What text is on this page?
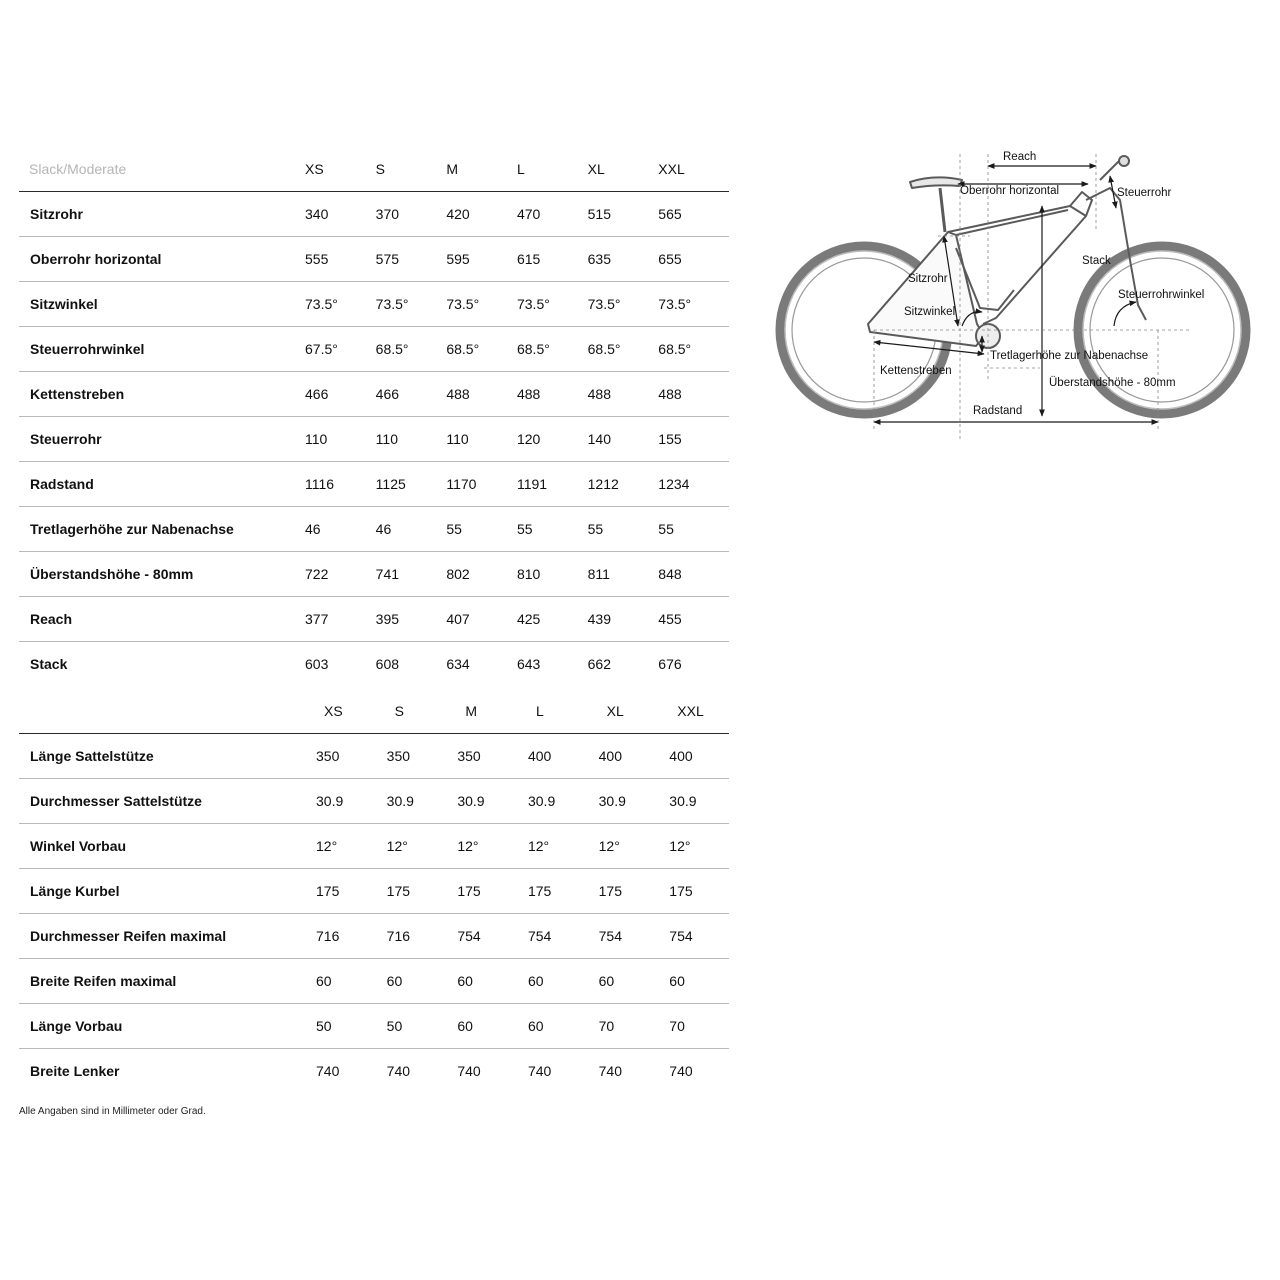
Slack/Moderate	XS	S	M	L	XL	XXL
Sitzrohr	340	370	420	470	515	565
Oberrohr horizontal	555	575	595	615	635	655
Sitzwinkel	73.5°	73.5°	73.5°	73.5°	73.5°	73.5°
Steuerrohrwinkel	67.5°	68.5°	68.5°	68.5°	68.5°	68.5°
Kettenstreben	466	466	488	488	488	488
Steuerrohr	110	110	110	120	140	155
Radstand	1116	1125	1170	1191	1212	1234
Tretlagerhöhe zur Nabenachse	46	46	55	55	55	55
Überstandshöhe - 80mm	722	741	802	810	811	848
Reach	377	395	407	425	439	455
Stack	603	608	634	643	662	676
	XS	S	M	L	XL	XXL
Länge Sattelstütze	350	350	350	400	400	400
Durchmesser Sattelstütze	30.9	30.9	30.9	30.9	30.9	30.9
Winkel Vorbau	12°	12°	12°	12°	12°	12°
Länge Kurbel	175	175	175	175	175	175
Durchmesser Reifen maximal	716	716	754	754	754	754
Breite Reifen maximal	60	60	60	60	60	60
Länge Vorbau	50	50	60	60	70	70
Breite Lenker	740	740	740	740	740	740
Alle Angaben sind in Millimeter oder Grad.
Reach
Oberrohr horizontal	Steuerrohr
Stack
Sitzrohr
Steuerrohrwinkel
Sitzwinkel
Tretlagerhöhe zur Nabenachse
Kettenstreben
Überstandshöhe - 80mm
Radstand
